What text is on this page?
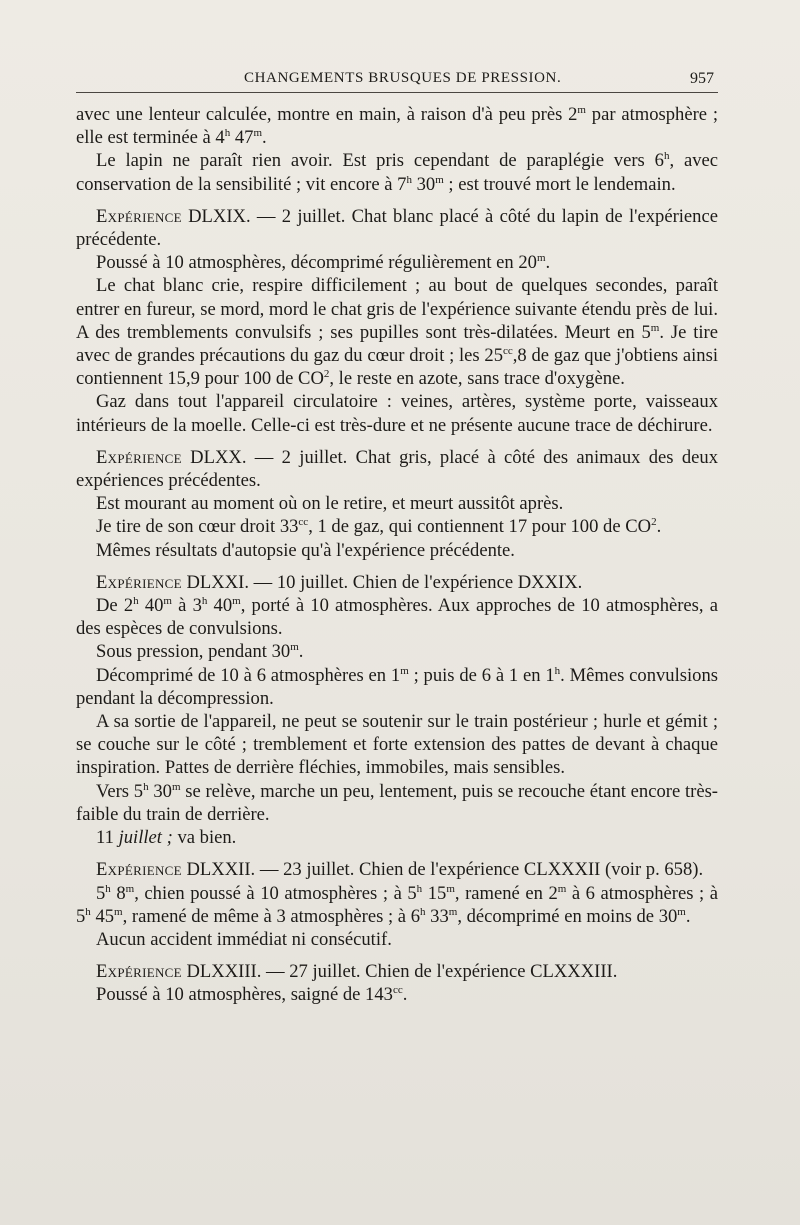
CHANGEMENTS BRUSQUES DE PRESSION.	957

avec une lenteur calculée, montre en main, à raison d'à peu près 2$^m$ par atmosphère ; elle est terminée à 4$^h$ 47$^m$.

Le lapin ne paraît rien avoir. Est pris cependant de paraplégie vers 6$^h$, avec conservation de la sensibilité ; vit encore à 7$^h$ 30$^m$ ; est trouvé mort le lendemain.

Expérience DLXIX. — 2 juillet. Chat blanc placé à côté du lapin de l'expérience précédente.

Poussé à 10 atmosphères, décomprimé régulièrement en 20$^m$.

Le chat blanc crie, respire difficilement ; au bout de quelques secondes, paraît entrer en fureur, se mord, mord le chat gris de l'expérience suivante étendu près de lui. A des tremblements convulsifs ; ses pupilles sont très-dilatées. Meurt en 5$^m$. Je tire avec de grandes précautions du gaz du cœur droit ; les $25^{cc},8$ de gaz que j'obtiens ainsi contiennent 15,9 pour 100 de $CO^2$, le reste en azote, sans trace d'oxygène.

Gaz dans tout l'appareil circulatoire : veines, artères, système porte, vaisseaux intérieurs de la moelle. Celle-ci est très-dure et ne présente aucune trace de déchirure.

Expérience DLXX. — 2 juillet. Chat gris, placé à côté des animaux des deux expériences précédentes.

Est mourant au moment où on le retire, et meurt aussitôt après.

Je tire de son cœur droit $33^{cc}$, 1 de gaz, qui contiennent 17 pour 100 de $CO^2$.

Mêmes résultats d'autopsie qu'à l'expérience précédente.

Expérience DLXXI. — 10 juillet. Chien de l'expérience DXXIX.

De 2$^h$ 40$^m$ à 3$^h$ 40$^m$, porté à 10 atmosphères. Aux approches de 10 atmosphères, a des espèces de convulsions.

Sous pression, pendant 30$^m$.

Décomprimé de 10 à 6 atmosphères en 1$^m$ ; puis de 6 à 1 en 1$^h$. Mêmes convulsions pendant la décompression.

A sa sortie de l'appareil, ne peut se soutenir sur le train postérieur ; hurle et gémit ; se couche sur le côté ; tremblement et forte extension des pattes de devant à chaque inspiration. Pattes de derrière fléchies, immobiles, mais sensibles.

Vers 5$^h$ 30$^m$ se relève, marche un peu, lentement, puis se recouche étant encore très-faible du train de derrière.

11 juillet ; va bien.

Expérience DLXXII. — 23 juillet. Chien de l'expérience CLXXXII (voir p. 658).

5$^h$ 8$^m$, chien poussé à 10 atmosphères ; à 5$^h$ 15$^m$, ramené en 2$^m$ à 6 atmosphères ; à 5$^h$ 45$^m$, ramené de même à 3 atmosphères ; à 6$^h$ 33$^m$, décomprimé en moins de 30$^m$.

Aucun accident immédiat ni consécutif.

Expérience DLXXIII. — 27 juillet. Chien de l'expérience CLXXXIII.

Poussé à 10 atmosphères, saigné de $143^{cc}$.
